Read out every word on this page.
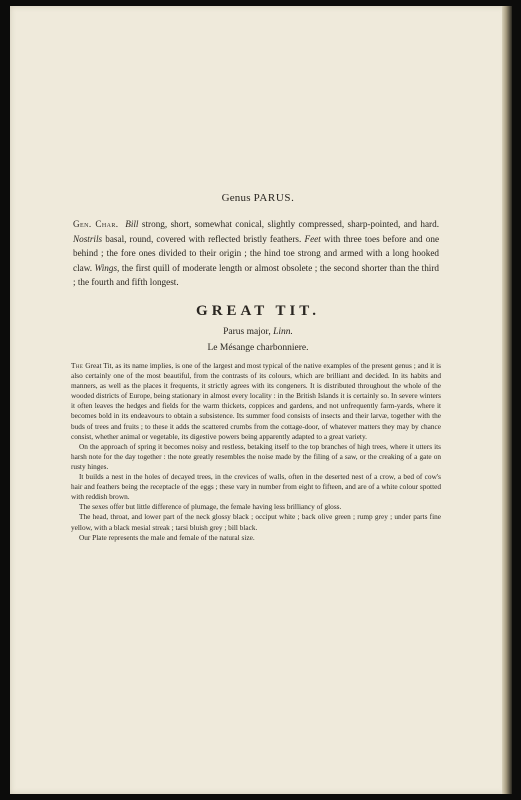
Genus PARUS.
Gen. Char. Bill strong, short, somewhat conical, slightly compressed, sharp-pointed, and hard. Nostrils basal, round, covered with reflected bristly feathers. Feet with three toes before and one behind ; the fore ones divided to their origin ; the hind toe strong and armed with a long hooked claw. Wings, the first quill of moderate length or almost obsolete ; the second shorter than the third ; the fourth and fifth longest.
GREAT TIT.
Parus major, Linn.
Le Mésange charbonniere.

The Great Tit, as its name implies, is one of the largest and most typical of the native examples of the present genus ; and it is also certainly one of the most beautiful, from the contrasts of its colours, which are brilliant and decided. In its habits and manners, as well as the places it frequents, it strictly agrees with its congeners. It is distributed throughout the whole of the wooded districts of Europe, being stationary in almost every locality : in the British Islands it is certainly so. In severe winters it often leaves the hedges and fields for the warm thickets, coppices and gardens, and not unfrequently farm-yards, where it becomes bold in its endeavours to obtain a subsistence. Its summer food consists of insects and their larvæ, together with the buds of trees and fruits ; to these it adds the scattered crumbs from the cottage-door, of whatever matters they may by chance consist, whether animal or vegetable, its digestive powers being apparently adapted to a great variety.

On the approach of spring it becomes noisy and restless, betaking itself to the top branches of high trees, where it utters its harsh note for the day together : the note greatly resembles the noise made by the filing of a saw, or the creaking of a gate on rusty hinges.

It builds a nest in the holes of decayed trees, in the crevices of walls, often in the deserted nest of a crow, a bed of cow's hair and feathers being the receptacle of the eggs ; these vary in number from eight to fifteen, and are of a white colour spotted with reddish brown.

The sexes offer but little difference of plumage, the female having less brilliancy of gloss.

The head, throat, and lower part of the neck glossy black ; occiput white ; back olive green ; rump grey ; under parts fine yellow, with a black mesial streak ; tarsi bluish grey ; bill black.

Our Plate represents the male and female of the natural size.
